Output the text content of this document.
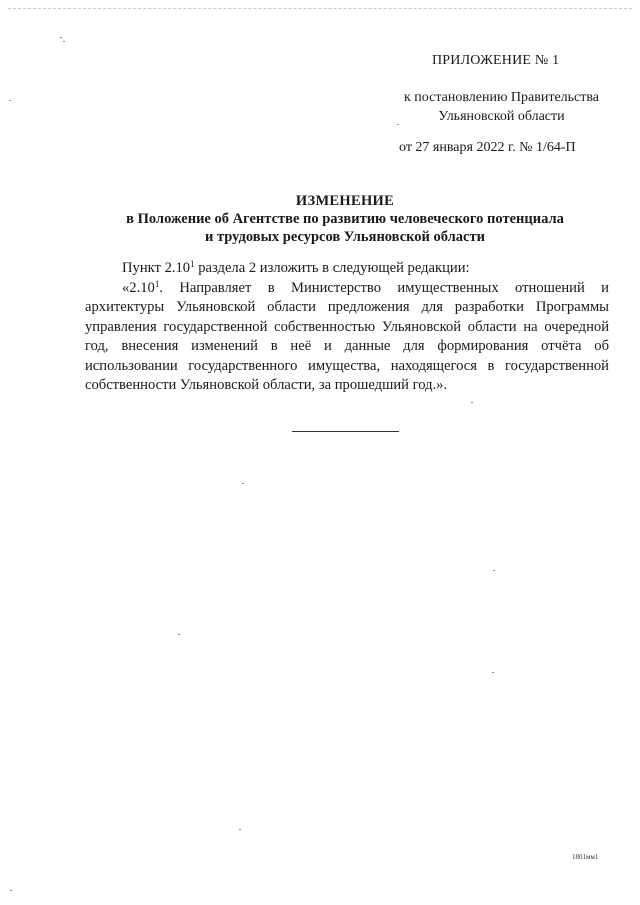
ПРИЛОЖЕНИЕ № 1
к постановлению Правительства
Ульяновской области
от 27 января 2022 г. № 1/64-П
ИЗМЕНЕНИЕ
в Положение об Агентстве по развитию человеческого потенциала
и трудовых ресурсов Ульяновской области

Пункт 2.10$^1$ раздела 2 изложить в следующей редакции:

«2.10$^1$. Направляет в Министерство имущественных отношений и архитектуры Ульяновской области предложения для разработки Программы управления государственной собственностью Ульяновской области на очередной год, внесения изменений в неё и данные для формирования отчёта об использовании государственного имущества, находящегося в государственной собственности Ульяновской области, за прошедший год.».

1801мм1
